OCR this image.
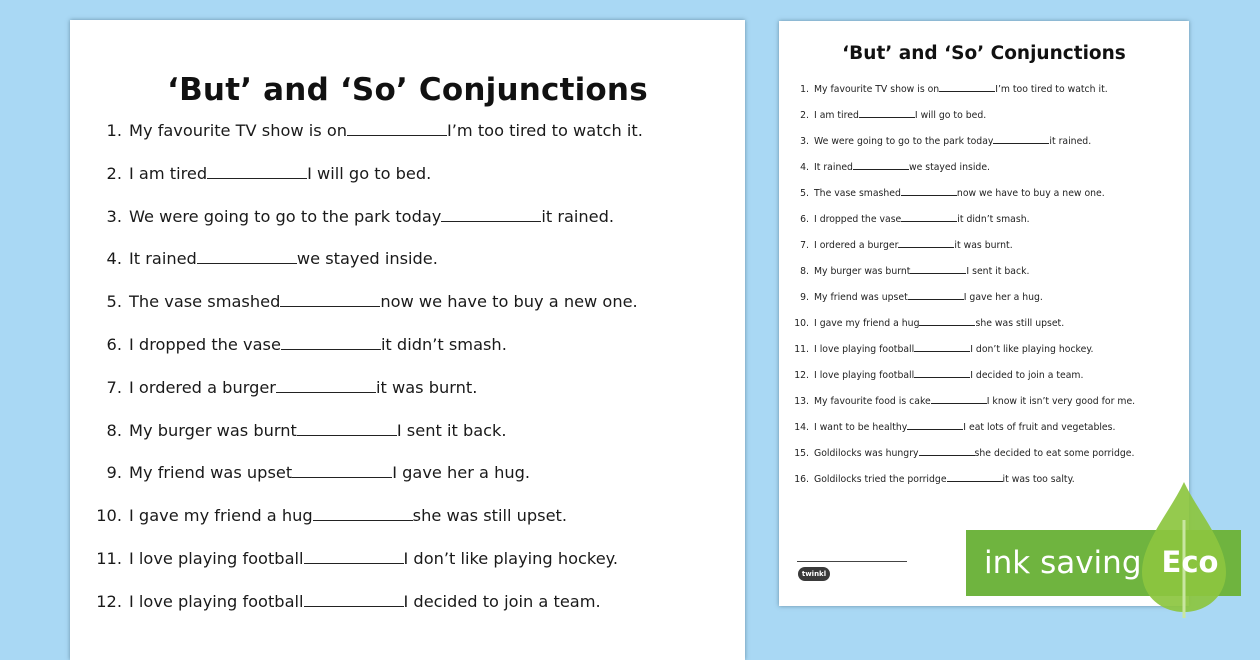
‘But’ and ‘So’ Conjunctions
1. My favourite TV show is on	I’m too tired to watch it.
2. I am tired	I will go to bed.
3. We were going to go to the park today	it rained.
4. It rained	we stayed inside.
5. The vase smashed	now we have to buy a new one.
6. I dropped the vase	it didn’t smash.
7. I ordered a burger	it was burnt.
8. My burger was burnt	I sent it back.
9. My friend was upset	I gave her a hug.
10. I gave my friend a hug	she was still upset.
11. I love playing football	I don’t like playing hockey.
12. I love playing football	I decided to join a team.
‘But’ and ‘So’ Conjunctions
1. My favourite TV show is on	I’m too tired to watch it.
2. I am tired	I will go to bed.
3. We were going to go to the park today	it rained.
4. It rained	we stayed inside.
5. The vase smashed	now we have to buy a new one.
6. I dropped the vase	it didn’t smash.
7. I ordered a burger	it was burnt.
8. My burger was burnt	I sent it back.
9. My friend was upset	I gave her a hug.
10. I gave my friend a hug	she was still upset.
11. I love playing football	I don’t like playing hockey.
12. I love playing football	I decided to join a team.
13. My favourite food is cake	I know it isn’t very good for me.
14. I want to be healthy	I eat lots of fruit and vegetables.
15. Goldilocks was hungry	she decided to eat some porridge.
16. Goldilocks tried the porridge	it was too salty.
twinkl	ink saving Eco
